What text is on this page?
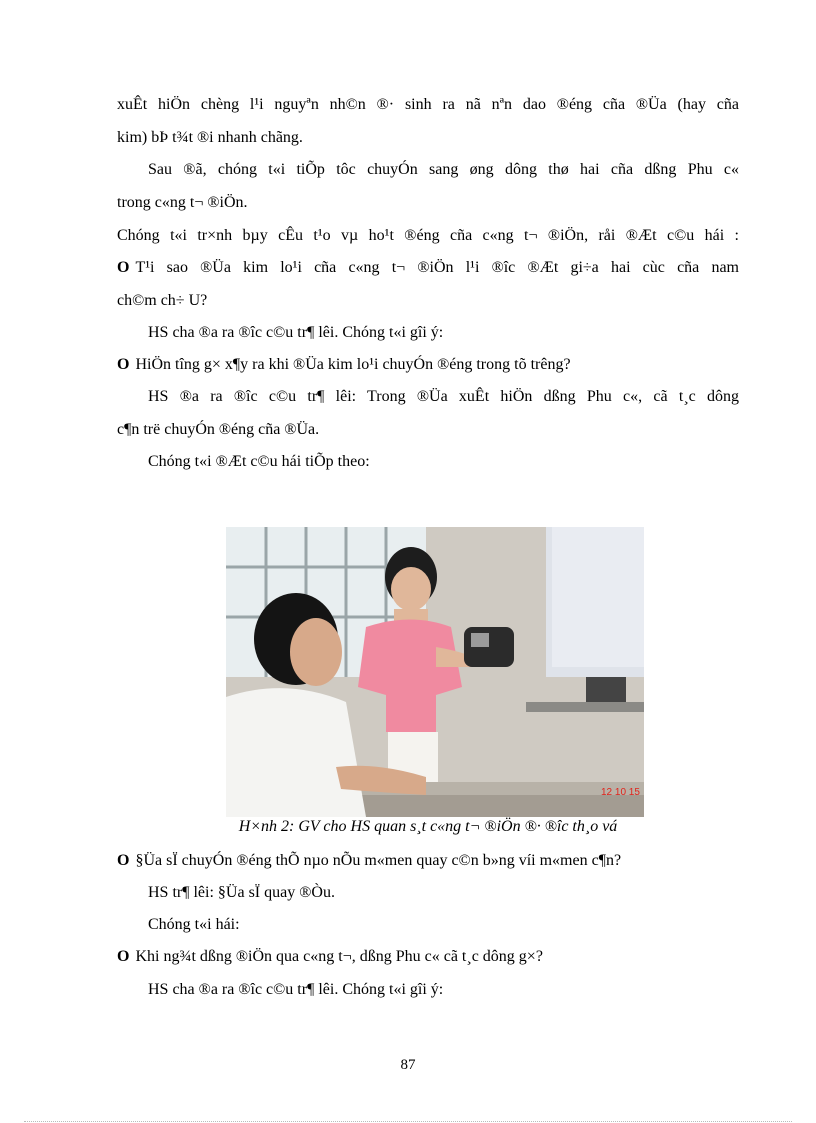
xuÊt hiÖn chèng l¹i nguyªn nh©n ®· sinh ra nã nªn dao ®éng cña ®Üa (hay cña
kim) bÞ t¾t ®i nhanh chãng.
Sau ®ã, chóng t«i tiÕp tôc chuyÓn sang øng dông thø hai cña dßng Phu c«
trong c«ng t¬ ®iÖn.
Chóng t«i tr×nh bµy cÊu t¹o vµ ho¹t ®éng cña c«ng t¬ ®iÖn, råi ®Æt c©u hái :
O T¹i sao ®Üa kim lo¹i cña c«ng t¬ ®iÖn l¹i ®îc ®Æt gi÷a hai cùc cña nam
ch©m ch÷ U?
HS cha ®a ra ®îc c©u tr¶ lêi. Chóng t«i gîi ý:
O HiÖn tîng g× x¶y ra khi ®Üa kim lo¹i chuyÓn ®éng trong tõ trêng?
HS ®a ra ®îc c©u tr¶ lêi: Trong ®Üa xuÊt hiÖn dßng Phu c«, cã t¸c dông
c¶n trë chuyÓn ®éng cña ®Üa.
Chóng t«i ®Æt c©u hái tiÕp theo:
12 10 15
H×nh 2: GV cho HS quan s¸t c«ng t¬ ®iÖn ®· ®îc th¸o vá
O §Üa sÏ chuyÓn ®éng thÕ nµo nÕu m«men quay c©n b»ng víi m«men c¶n?
HS tr¶ lêi: §Üa sÏ quay ®Òu.
Chóng t«i hái:
O Khi ng¾t dßng ®iÖn qua c«ng t¬, dßng Phu c« cã t¸c dông g×?
HS cha ®a ra ®îc c©u tr¶ lêi. Chóng t«i gîi ý:
87
